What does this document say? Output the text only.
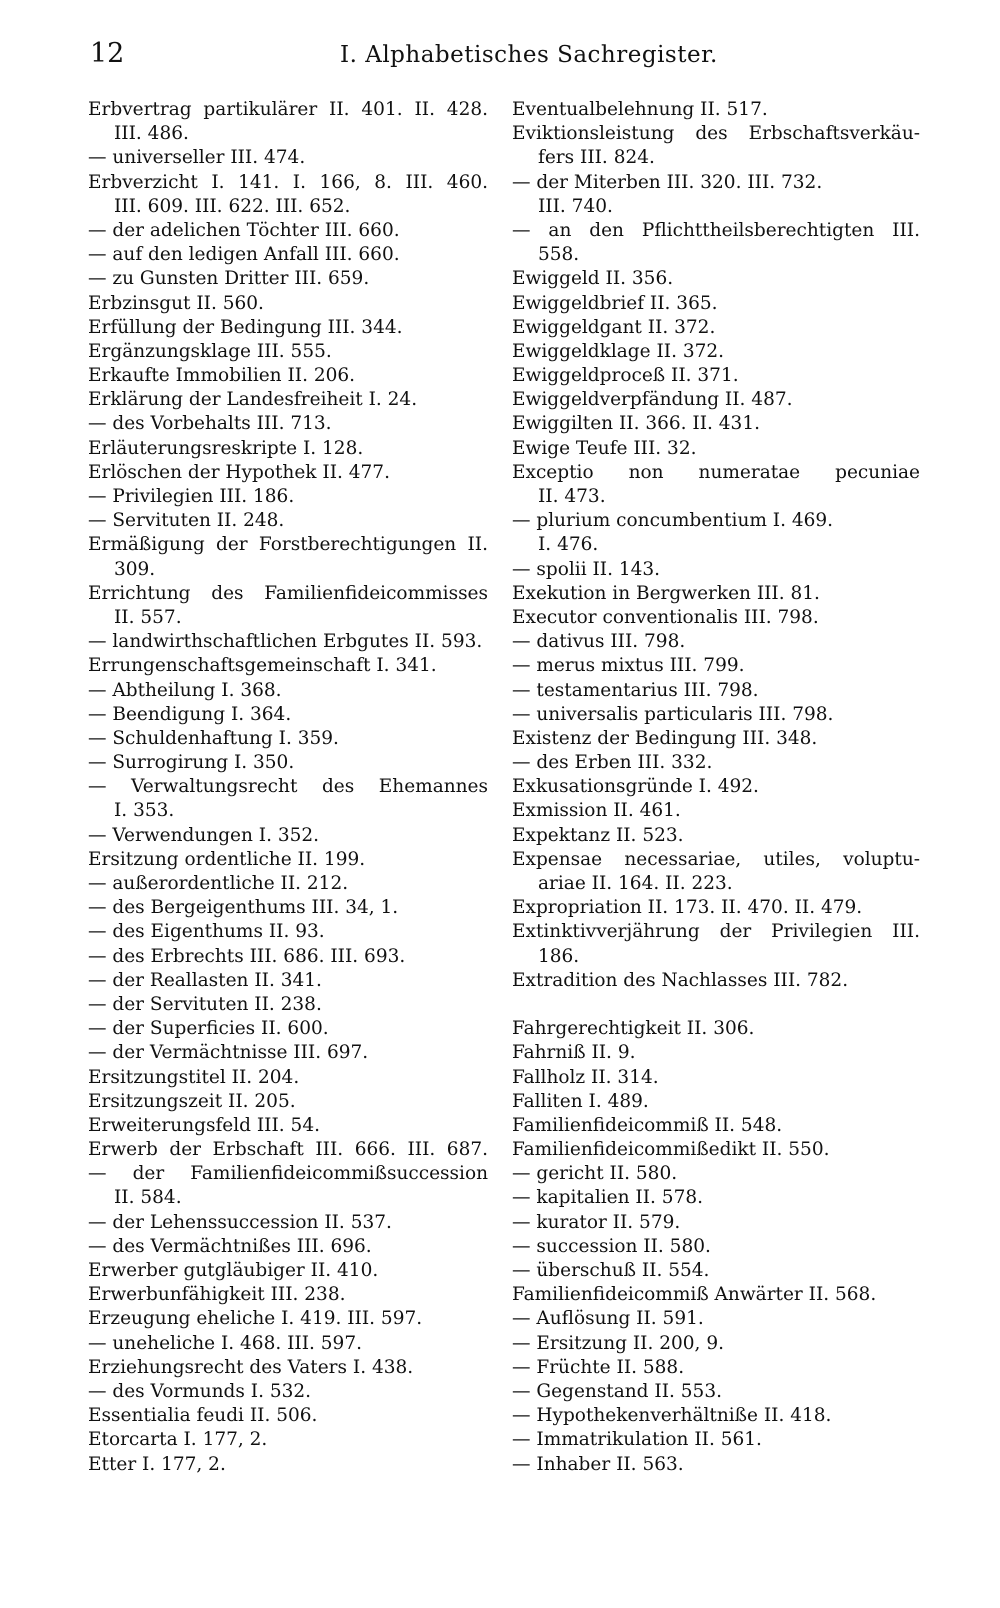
12	I. Alphabetisches Sachregister.
Erbvertrag partikulärer II. 401. II. 428.
III. 486.
— universeller III. 474.
Erbverzicht I. 141. I. 166, 8. III. 460.
III. 609. III. 622. III. 652.
— der adelichen Töchter III. 660.
— auf den ledigen Anfall III. 660.
— zu Gunsten Dritter III. 659.
Erbzinsgut II. 560.
Erfüllung der Bedingung III. 344.
Ergänzungsklage III. 555.
Erkaufte Immobilien II. 206.
Erklärung der Landesfreiheit I. 24.
— des Vorbehalts III. 713.
Erläuterungsreskripte I. 128.
Erlöschen der Hypothek II. 477.
— Privilegien III. 186.
— Servituten II. 248.
Ermäßigung der Forstberechtigungen II.
309.
Errichtung des Familienfideicommisses
II. 557.
— landwirthschaftlichen Erbgutes II. 593.
Errungenschaftsgemeinschaft I. 341.
— Abtheilung I. 368.
— Beendigung I. 364.
— Schuldenhaftung I. 359.
— Surrogirung I. 350.
— Verwaltungsrecht des Ehemannes
I. 353.
— Verwendungen I. 352.
Ersitzung ordentliche II. 199.
— außerordentliche II. 212.
— des Bergeigenthums III. 34, 1.
— des Eigenthums II. 93.
— des Erbrechts III. 686. III. 693.
— der Reallasten II. 341.
— der Servituten II. 238.
— der Superficies II. 600.
— der Vermächtnisse III. 697.
Ersitzungstitel II. 204.
Ersitzungszeit II. 205.
Erweiterungsfeld III. 54.
Erwerb der Erbschaft III. 666. III. 687.
— der Familienfideicommißsuccession
II. 584.
— der Lehenssuccession II. 537.
— des Vermächtnißes III. 696.
Erwerber gutgläubiger II. 410.
Erwerbunfähigkeit III. 238.
Erzeugung eheliche I. 419. III. 597.
— uneheliche I. 468. III. 597.
Erziehungsrecht des Vaters I. 438.
— des Vormunds I. 532.
Essentialia feudi II. 506.
Etorcarta I. 177, 2.
Etter I. 177, 2.
Eventualbelehnung II. 517.
Eviktionsleistung des Erbschaftsverkäu-
fers III. 824.
— der Miterben III. 320. III. 732.
III. 740.
— an den Pflichttheilsberechtigten III.
558.
Ewiggeld II. 356.
Ewiggeldbrief II. 365.
Ewiggeldgant II. 372.
Ewiggeldklage II. 372.
Ewiggeldproceß II. 371.
Ewiggeldverpfändung II. 487.
Ewiggilten II. 366. II. 431.
Ewige Teufe III. 32.
Exceptio non numeratae pecuniae
II. 473.
— plurium concumbentium I. 469.
I. 476.
— spolii II. 143.
Exekution in Bergwerken III. 81.
Executor conventionalis III. 798.
— dativus III. 798.
— merus mixtus III. 799.
— testamentarius III. 798.
— universalis particularis III. 798.
Existenz der Bedingung III. 348.
— des Erben III. 332.
Exkusationsgründe I. 492.
Exmission II. 461.
Expektanz II. 523.
Expensae necessariae, utiles, voluptu-
ariae II. 164. II. 223.
Expropriation II. 173. II. 470. II. 479.
Extinktivverjährung der Privilegien III.
186.
Extradition des Nachlasses III. 782.
Fahrgerechtigkeit II. 306.
Fahrniß II. 9.
Fallholz II. 314.
Falliten I. 489.
Familienfideicommiß II. 548.
Familienfideicommißedikt II. 550.
— gericht II. 580.
— kapitalien II. 578.
— kurator II. 579.
— succession II. 580.
— überschuß II. 554.
Familienfideicommiß Anwärter II. 568.
— Auflösung II. 591.
— Ersitzung II. 200, 9.
— Früchte II. 588.
— Gegenstand II. 553.
— Hypothekenverhältniße II. 418.
— Immatrikulation II. 561.
— Inhaber II. 563.
